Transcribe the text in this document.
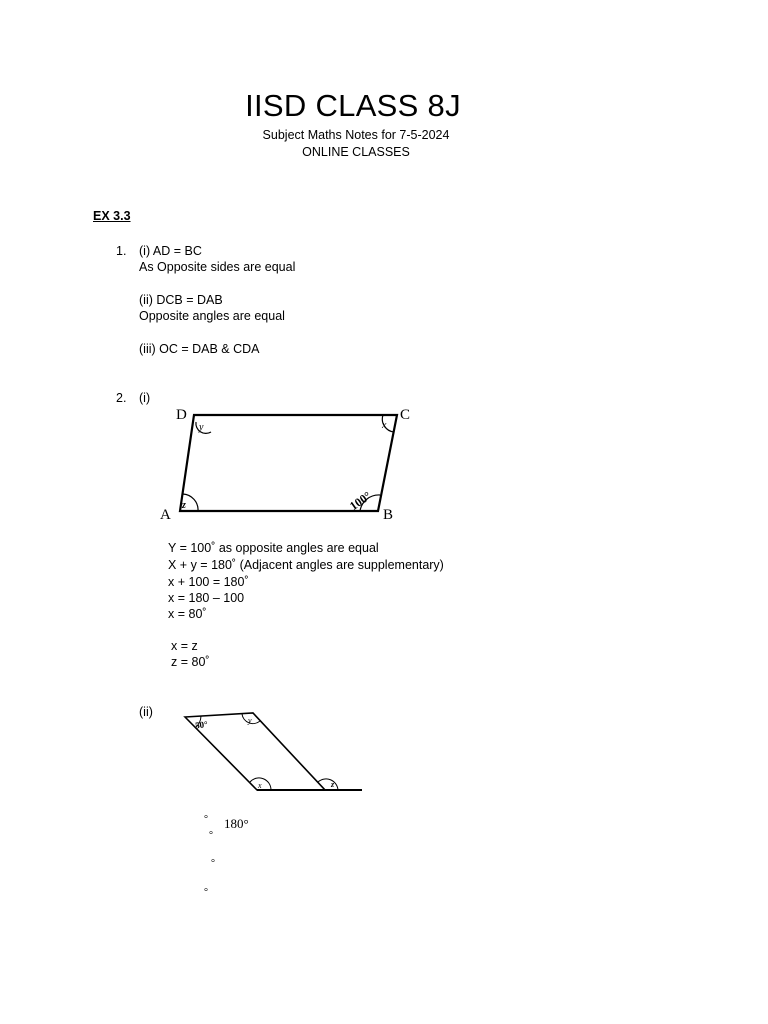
IISD CLASS 8J
Subject Maths Notes for 7-5-2024
ONLINE CLASSES
EX 3.3
1. (i) AD = BC
As Opposite sides are equal
(ii) DCB = DAB
Opposite angles are equal
(iii) OC = DAB & CDA
2. (i)
D	C
A	B
y	x
z	100°
Y = 100˚ as opposite angles are equal
X + y = 180˚ (Adjacent angles are supplementary)
x + 100 = 180˚
x = 180 – 100
x = 80˚
x = z
z = 80˚
(ii)
50°	y
x	z
° 180°
°
°
°
